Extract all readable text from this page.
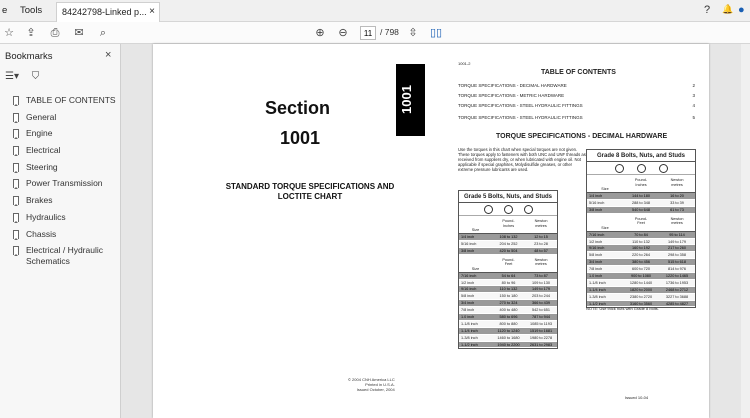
e Tools	84242798-Linked p... ×	? 🔔 ●
☆ ⇪ ⎙ ✉	⌕	⊕ ⊖
11	/ 798 ⇳ ▯▯
Bookmarks	×
☰▾ ⛉
TABLE OF CONTENTS
General
Engine
Electrical
Steering
Power Transmission
Brakes
Hydraulics
Chassis
Electrical / Hydraulic Schematics
Section
1001
STANDARD TORQUE SPECIFICATIONS AND LOCTITE CHART
© 2004 CNH America LLC
Printed in U.S.A.
Issued October, 2004
1001
1001-2
TABLE OF CONTENTS
TORQUE SPECIFICATIONS - DECIMAL HARDWARE	2
TORQUE SPECIFICATIONS - METRIC HARDWARE	3
TORQUE SPECIFICATIONS - STEEL HYDRAULIC FITTINGS	4
TORQUE SPECIFICATIONS - STEEL HYDRAULIC FITTINGS	5
TORQUE SPECIFICATIONS - DECIMAL HARDWARE
Use the torques in this chart when special torques are not given. These torques apply to fasteners with both UNC and UNF threads as received from suppliers dry, or when lubricated with engine oil. Not applicable if special graphites, Molydisulfide greases, or other extreme pressure lubricants are used.
Grade 5 Bolts, Nuts, and Studs
Size
Pound-
Inches
Newton
metres
1/4 inch	108 to 132	12 to 15
5/16 inch	204 to 252	23 to 28
3/8 inch	420 to 504	48 to 57
Size
Pound-
Feet
Newton
metres
7/16 inch	54 to 64	73 to 87
1/2 inch	80 to 96	109 to 130
9/16 inch	110 to 132	149 to 179
5/8 inch	150 to 180	203 to 244
3/4 inch	270 to 324	366 to 439
7/8 inch	400 to 480	542 to 651
1.0 inch	580 to 696	787 to 944
1-1/8 inch	800 to 880	1085 to 1193
1-1/4 inch	1120 to 1240	1519 to 1681
1-3/8 inch	1460 to 1680	1980 to 2278
1-1/2 inch	1940 to 2200	2631 to 2983
Grade 8 Bolts, Nuts, and Studs
Size
Pound-
Inches
Newton
metres
1/4 inch	144 to 180	16 to 20
5/16 inch	288 to 348	33 to 39
3/8 inch	540 to 648	61 to 73
Size
Pound-
Feet
Newton
metres
7/16 inch	70 to 84	95 to 114
1/2 inch	110 to 132	149 to 179
9/16 inch	160 to 192	217 to 260
5/8 inch	220 to 264	298 to 358
3/4 inch	380 to 456	515 to 618
7/8 inch	600 to 720	814 to 976
1.0 inch	900 to 1080	1220 to 1465
1-1/8 inch	1280 to 1440	1736 to 1953
1-1/4 inch	1820 to 2000	2468 to 2712
1-3/8 inch	2380 to 2720	3227 to 3688
1-1/2 inch	3160 to 3560	4285 to 4827
NOTE: Use thick nuts with Grade 8 bolts.
Issued 10-04
